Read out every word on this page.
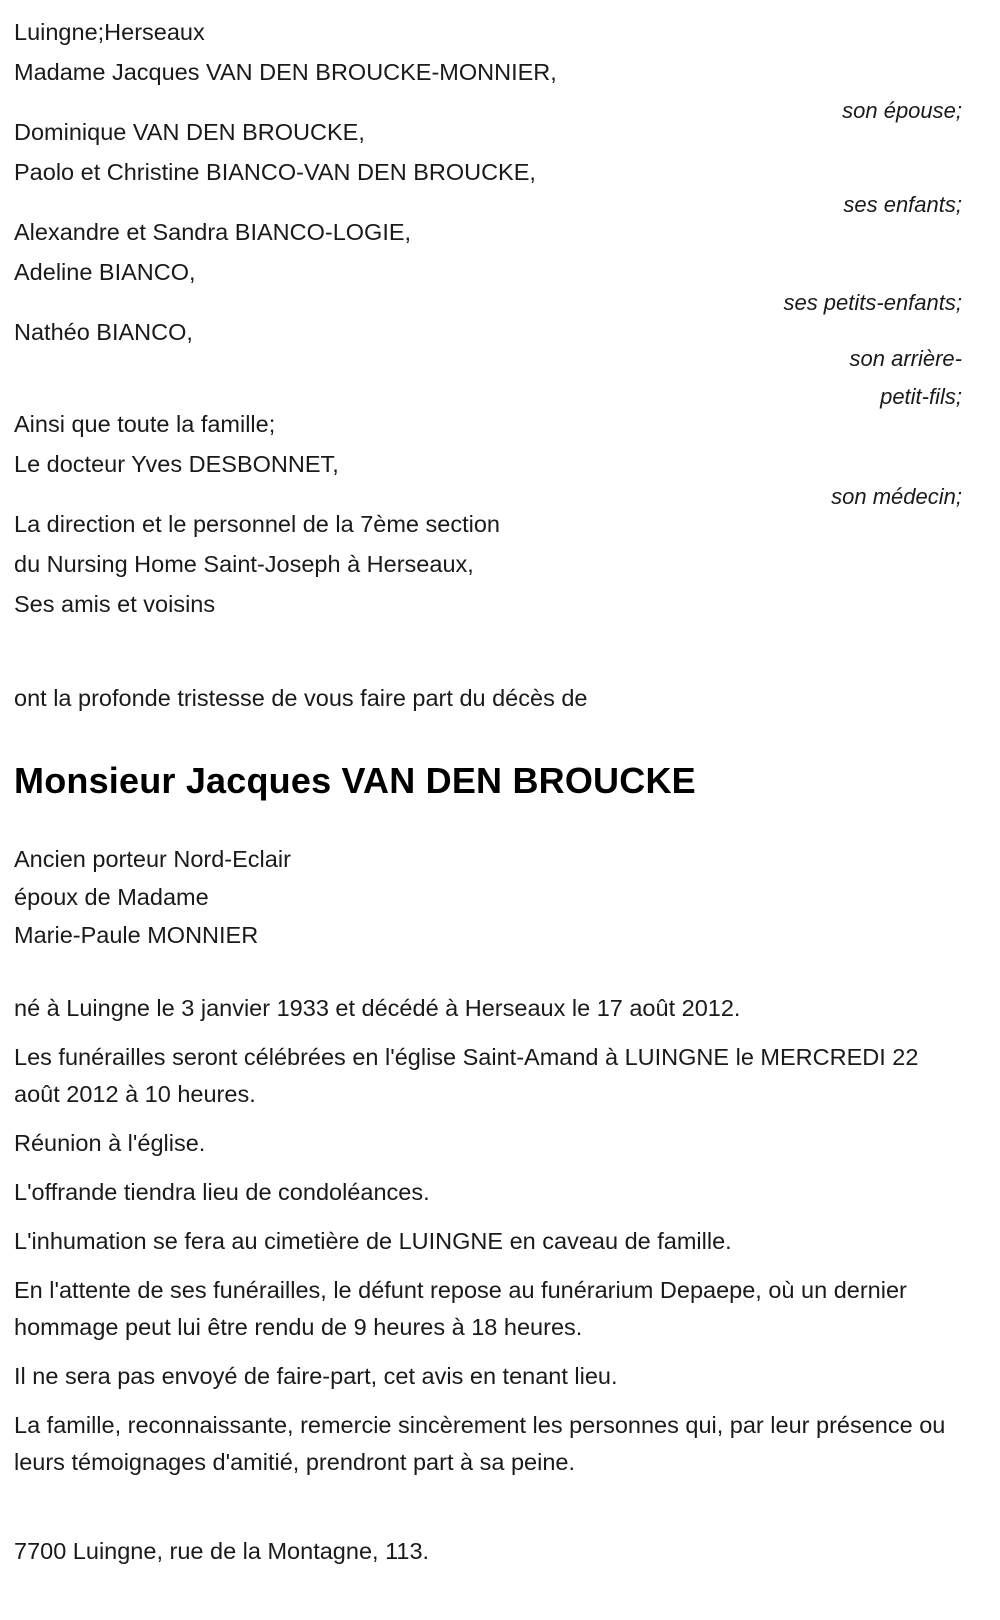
Luingne;Herseaux
Madame Jacques VAN DEN BROUCKE-MONNIER,
Dominique VAN DEN BROUCKE,
Paolo et Christine BIANCO-VAN DEN BROUCKE,
Alexandre et Sandra BIANCO-LOGIE,
Adeline BIANCO,
Nathéo BIANCO,
Ainsi que toute la famille;
Le docteur Yves DESBONNET,
La direction et le personnel de la 7ème section
du Nursing Home Saint-Joseph à Herseaux,
Ses amis et voisins
son épouse;
ses enfants;
ses petits-enfants;
son arrière-
petit-fils;
son médecin;
ont la profonde tristesse de vous faire part du décès de
Monsieur Jacques VAN DEN BROUCKE
Ancien porteur Nord-Eclair
époux de Madame
Marie-Paule MONNIER

né à Luingne le 3 janvier 1933 et décédé à Herseaux le 17 août 2012.

Les funérailles seront célébrées en l'église Saint-Amand à LUINGNE le MERCREDI 22 août 2012 à 10 heures.

Réunion à l'église.

L'offrande tiendra lieu de condoléances.

L'inhumation se fera au cimetière de LUINGNE en caveau de famille.

En l'attente de ses funérailles, le défunt repose au funérarium Depaepe, où un dernier hommage peut lui être rendu de 9 heures à 18 heures.

Il ne sera pas envoyé de faire-part, cet avis en tenant lieu.

La famille, reconnaissante, remercie sincèrement les personnes qui, par leur présence ou leurs témoignages d'amitié, prendront part à sa peine.

7700 Luingne, rue de la Montagne, 113.
